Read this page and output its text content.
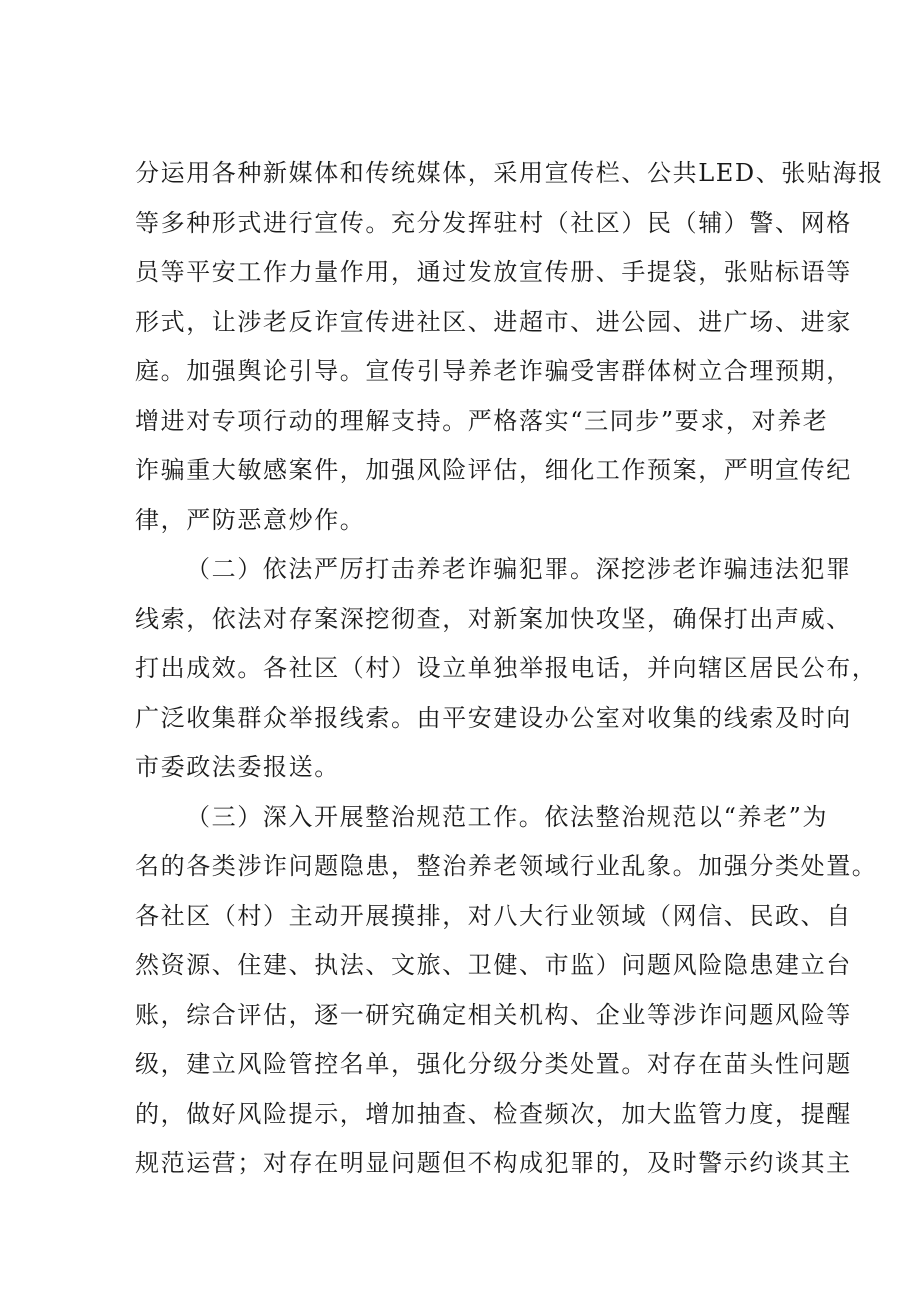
分运用各种新媒体和传统媒体，采用宣传栏、公共LED、张贴海报
等多种形式进行宣传。充分发挥驻村（社区）民（辅）警、网格
员等平安工作力量作用，通过发放宣传册、手提袋，张贴标语等
形式，让涉老反诈宣传进社区、进超市、进公园、进广场、进家
庭。加强舆论引导。宣传引导养老诈骗受害群体树立合理预期，
增进对专项行动的理解支持。严格落实“三同步”要求，对养老
诈骗重大敏感案件，加强风险评估，细化工作预案，严明宣传纪
律，严防恶意炒作。
（二）依法严厉打击养老诈骗犯罪。深挖涉老诈骗违法犯罪
线索，依法对存案深挖彻查，对新案加快攻坚，确保打出声威、
打出成效。各社区（村）设立单独举报电话，并向辖区居民公布，
广泛收集群众举报线索。由平安建设办公室对收集的线索及时向
市委政法委报送。
（三）深入开展整治规范工作。依法整治规范以“养老”为
名的各类涉诈问题隐患，整治养老领域行业乱象。加强分类处置。
各社区（村）主动开展摸排，对八大行业领域（网信、民政、自
然资源、住建、执法、文旅、卫健、市监）问题风险隐患建立台
账，综合评估，逐一研究确定相关机构、企业等涉诈问题风险等
级，建立风险管控名单，强化分级分类处置。对存在苗头性问题
的，做好风险提示，增加抽查、检查频次，加大监管力度，提醒
规范运营；对存在明显问题但不构成犯罪的，及时警示约谈其主
